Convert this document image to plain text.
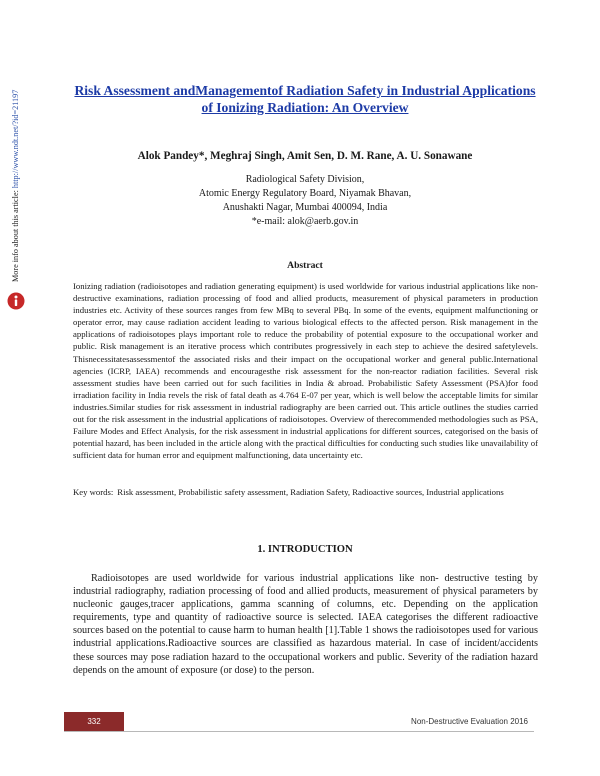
More info about this article: http://www.ndt.net/?id=21197	Risk Assessment andManagementof Radiation Safety in Industrial Applications of Ionizing Radiation: An Overview
Alok Pandey*, Meghraj Singh, Amit Sen, D. M. Rane, A. U. Sonawane
Radiological Safety Division,
Atomic Energy Regulatory Board, Niyamak Bhavan,
Anushakti Nagar, Mumbai 400094, India
*e-mail: alok@aerb.gov.in
Abstract

Ionizing radiation (radioisotopes and radiation generating equipment) is used worldwide for various industrial applications like non-destructive examinations, radiation processing of food and allied products, measurement of physical parameters in production industries etc. Activity of these sources ranges from few MBq to several PBq. In some of the events, equipment malfunctioning or operator error, may cause radiation accident leading to various biological effects to the affected person. Risk management in the applications of radioisotopes plays important role to reduce the probability of potential exposure to the occupational worker and public. Risk management is an iterative process which contributes progressively in each step to achieve the desired safetylevels. Thisnecessitatesassessmentof the associated risks and their impact on the occupational worker and general public.International agencies (ICRP, IAEA) recommends and encouragesthe risk assessment for the non-reactor radiation facilities. Several risk assessment studies have been carried out for such facilities in India & abroad. Probabilistic Safety Assessment (PSA)for food irradiation facility in India revels the risk of fatal death as 4.764 E-07 per year, which is well below the acceptable limits for similar industries.Similar studies for risk assessment in industrial radiography are been carried out. This article outlines the studies carried out for the risk assessment in the industrial applications of radioisotopes. Overview of therecommended methodologies such as PSA, Failure Modes and Effect Analysis, for the risk assessment in industrial applications for different sources, categorised on the basis of potential hazard, has been included in the article along with the practical difficulties for conducting such studies like unavailability of sufficient data for human error and equipment malfunctioning, data uncertainty etc.

Key words: Risk assessment, Probabilistic safety assessment, Radiation Safety, Radioactive sources, Industrial applications
1. INTRODUCTION

Radioisotopes are used worldwide for various industrial applications like non- destructive testing by industrial radiography, radiation processing of food and allied products, measurement of physical parameters by nucleonic gauges,tracer applications, gamma scanning of columns, etc. Depending on the application requirements, type and quantity of radioactive source is selected. IAEA categorises the different radioactive sources based on the potential to cause harm to human health [1].Table 1 shows the radioisotopes used for various industrial applications.Radioactive sources are classified as hazardous material. In case of incident/accidents these sources may pose radiation hazard to the occupational workers and public. Severity of the radiation hazard depends on the amount of exposure (or dose) to the person.

332	Non-Destructive Evaluation 2016
